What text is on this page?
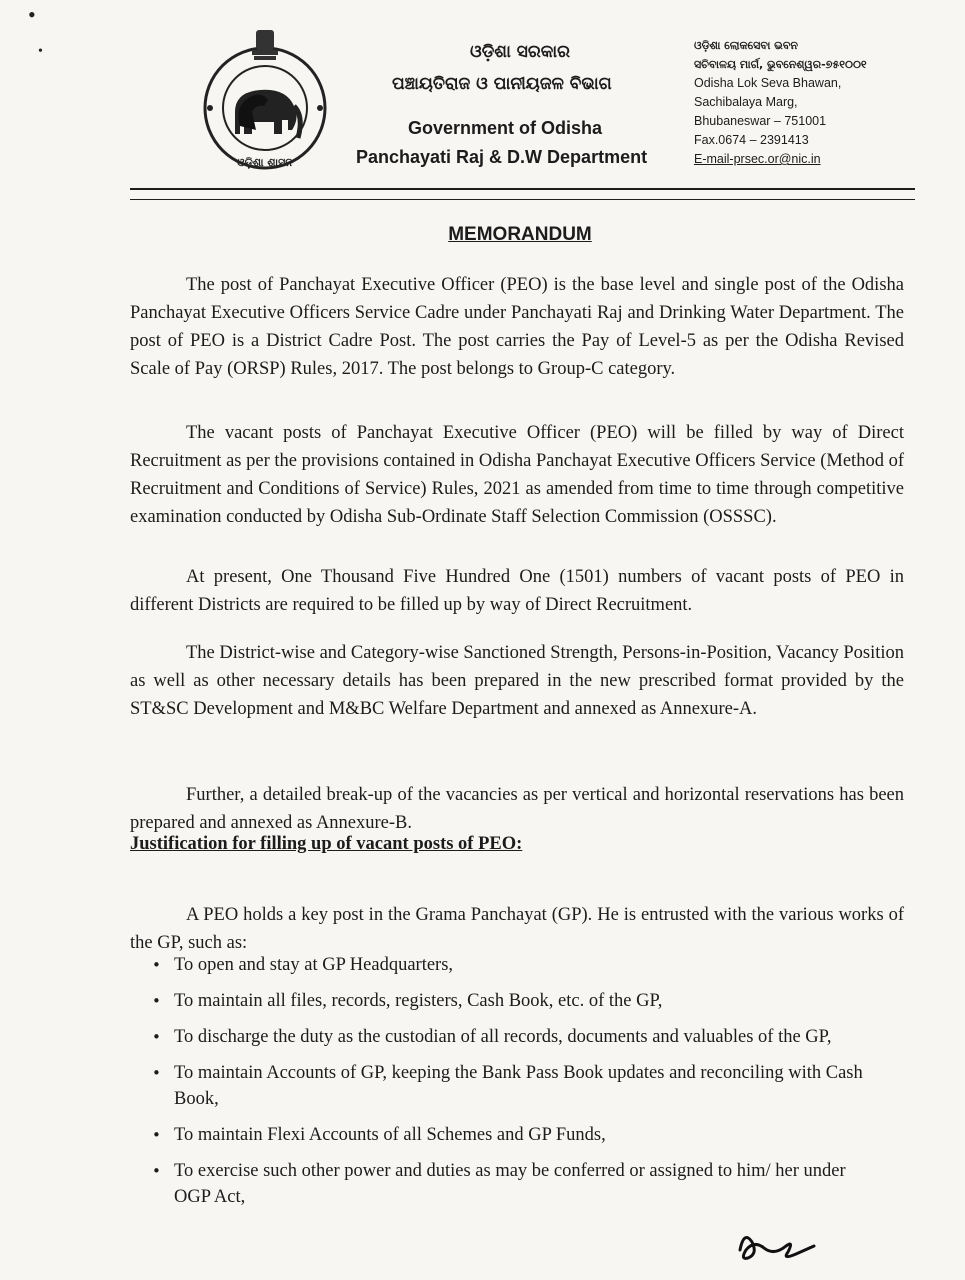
•
•
ଓଡ଼ିଶା ଶାସନ
ଓଡ଼ିଶା ସରକାର
ପଞ୍ଚାୟତିରାଜ ଓ ପାନୀୟଜଳ ବିଭାଗ
Government of Odisha
Panchayati Raj & D.W Department
ଓଡ଼ିଶା ଲୋକସେବା ଭବନ
ସଚିବାଳୟ ମାର୍ଗ, ଭୁବନେଶ୍ୱର-୭୫୧୦୦୧
Odisha Lok Seva Bhawan,
Sachibalaya Marg,
Bhubaneswar – 751001
Fax.0674 – 2391413
E-mail-prsec.or@nic.in
MEMORANDUM

The post of Panchayat Executive Officer (PEO) is the base level and single post of the Odisha Panchayat Executive Officers Service Cadre under Panchayati Raj and Drinking Water Department. The post of PEO is a District Cadre Post. The post carries the Pay of Level-5 as per the Odisha Revised Scale of Pay (ORSP) Rules, 2017. The post belongs to Group-C category.

The vacant posts of Panchayat Executive Officer (PEO) will be filled by way of Direct Recruitment as per the provisions contained in Odisha Panchayat Executive Officers Service (Method of Recruitment and Conditions of Service) Rules, 2021 as amended from time to time through competitive examination conducted by Odisha Sub-Ordinate Staff Selection Commission (OSSSC).

At present, One Thousand Five Hundred One (1501) numbers of vacant posts of PEO in different Districts are required to be filled up by way of Direct Recruitment.

The District-wise and Category-wise Sanctioned Strength, Persons-in-Position, Vacancy Position as well as other necessary details has been prepared in the new prescribed format provided by the ST&SC Development and M&BC Welfare Department and annexed as Annexure-A.

Further, a detailed break-up of the vacancies as per vertical and horizontal reservations has been prepared and annexed as Annexure-B.

Justification for filling up of vacant posts of PEO:

A PEO holds a key post in the Grama Panchayat (GP). He is entrusted with the various works of the GP, such as:

• To open and stay at GP Headquarters,
• To maintain all files, records, registers, Cash Book, etc. of the GP,
• To discharge the duty as the custodian of all records, documents and valuables of the GP,
• To maintain Accounts of GP, keeping the Bank Pass Book updates and reconciling with Cash Book,
• To maintain Flexi Accounts of all Schemes and GP Funds,
• To exercise such other power and duties as may be conferred or assigned to him/ her under OGP Act,
